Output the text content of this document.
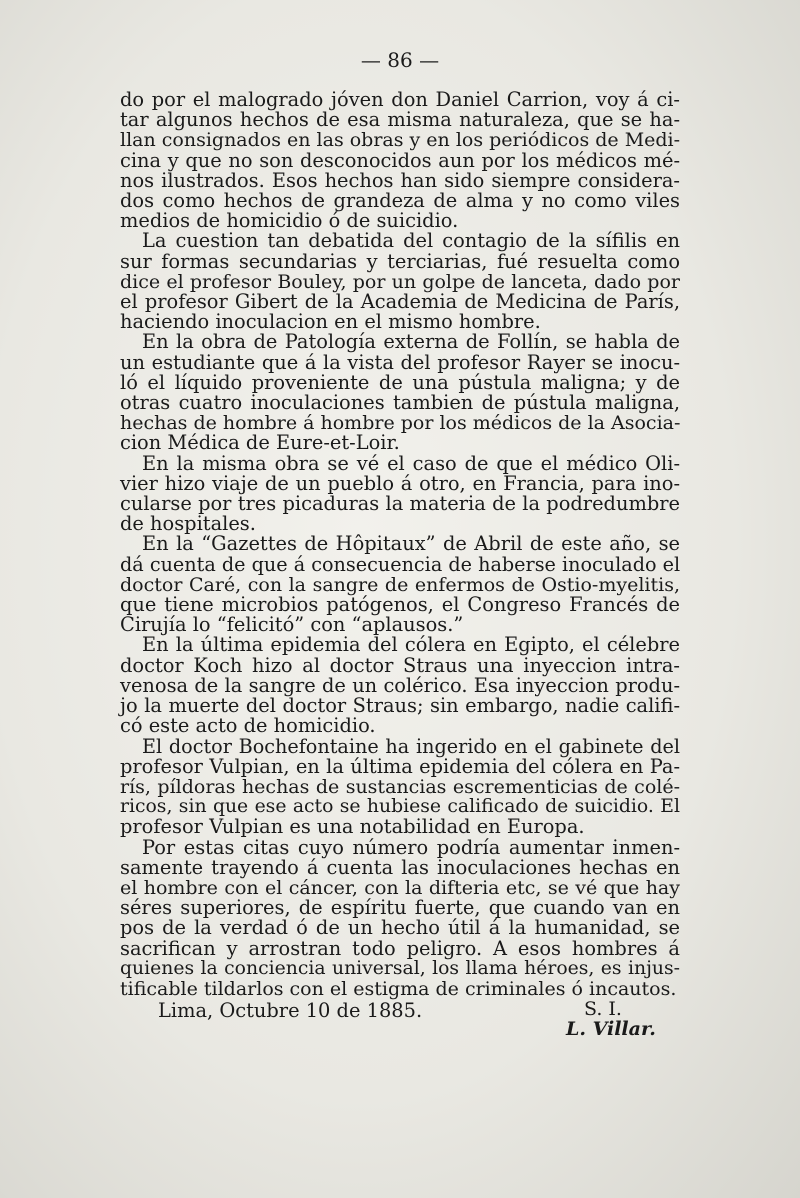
— 86 —
do por el malogrado jóven don Daniel Carrion, voy á ci-
tar algunos hechos de esa misma naturaleza, que se ha-
llan consignados en las obras y en los periódicos de Medi-
cina y que no son desconocidos aun por los médicos mé-
nos ilustrados. Esos hechos han sido siempre considera-
dos como hechos de grandeza de alma y no como viles
medios de homicidio ó de suicidio.
La cuestion tan debatida del contagio de la sífilis en
sur formas secundarias y terciarias, fué resuelta como
dice el profesor Bouley, por un golpe de lanceta, dado por
el profesor Gibert de la Academia de Medicina de París,
haciendo inoculacion en el mismo hombre.
En la obra de Patología externa de Follín, se habla de
un estudiante que á la vista del profesor Rayer se inocu-
ló el líquido proveniente de una pústula maligna; y de
otras cuatro inoculaciones tambien de pústula maligna,
hechas de hombre á hombre por los médicos de la Asocia-
cion Médica de Eure-et-Loir.
En la misma obra se vé el caso de que el médico Oli-
vier hizo viaje de un pueblo á otro, en Francia, para ino-
cularse por tres picaduras la materia de la podredumbre
de hospitales.
En la “Gazettes de Hôpitaux” de Abril de este año, se
dá cuenta de que á consecuencia de haberse inoculado el
doctor Caré, con la sangre de enfermos de Ostio-myelitis,
que tiene microbios patógenos, el Congreso Francés de
Cirujía lo “felicitó” con “aplausos.”
En la última epidemia del cólera en Egipto, el célebre
doctor Koch hizo al doctor Straus una inyeccion intra-
venosa de la sangre de un colérico. Esa inyeccion produ-
jo la muerte del doctor Straus; sin embargo, nadie califi-
có este acto de homicidio.
El doctor Bochefontaine ha ingerido en el gabinete del
profesor Vulpian, en la última epidemia del cólera en Pa-
rís, píldoras hechas de sustancias escrementicias de colé-
ricos, sin que ese acto se hubiese calificado de suicidio. El
profesor Vulpian es una notabilidad en Europa.
Por estas citas cuyo número podría aumentar inmen-
samente trayendo á cuenta las inoculaciones hechas en
el hombre con el cáncer, con la difteria etc, se vé que hay
séres superiores, de espíritu fuerte, que cuando van en
pos de la verdad ó de un hecho útil á la humanidad, se
sacrifican y arrostran todo peligro. A esos hombres á
quienes la conciencia universal, los llama héroes, es injus-
tificable tildarlos con el estigma de criminales ó incautos.
Lima, Octubre 10 de 1885.	S. I.
L. Villar.
